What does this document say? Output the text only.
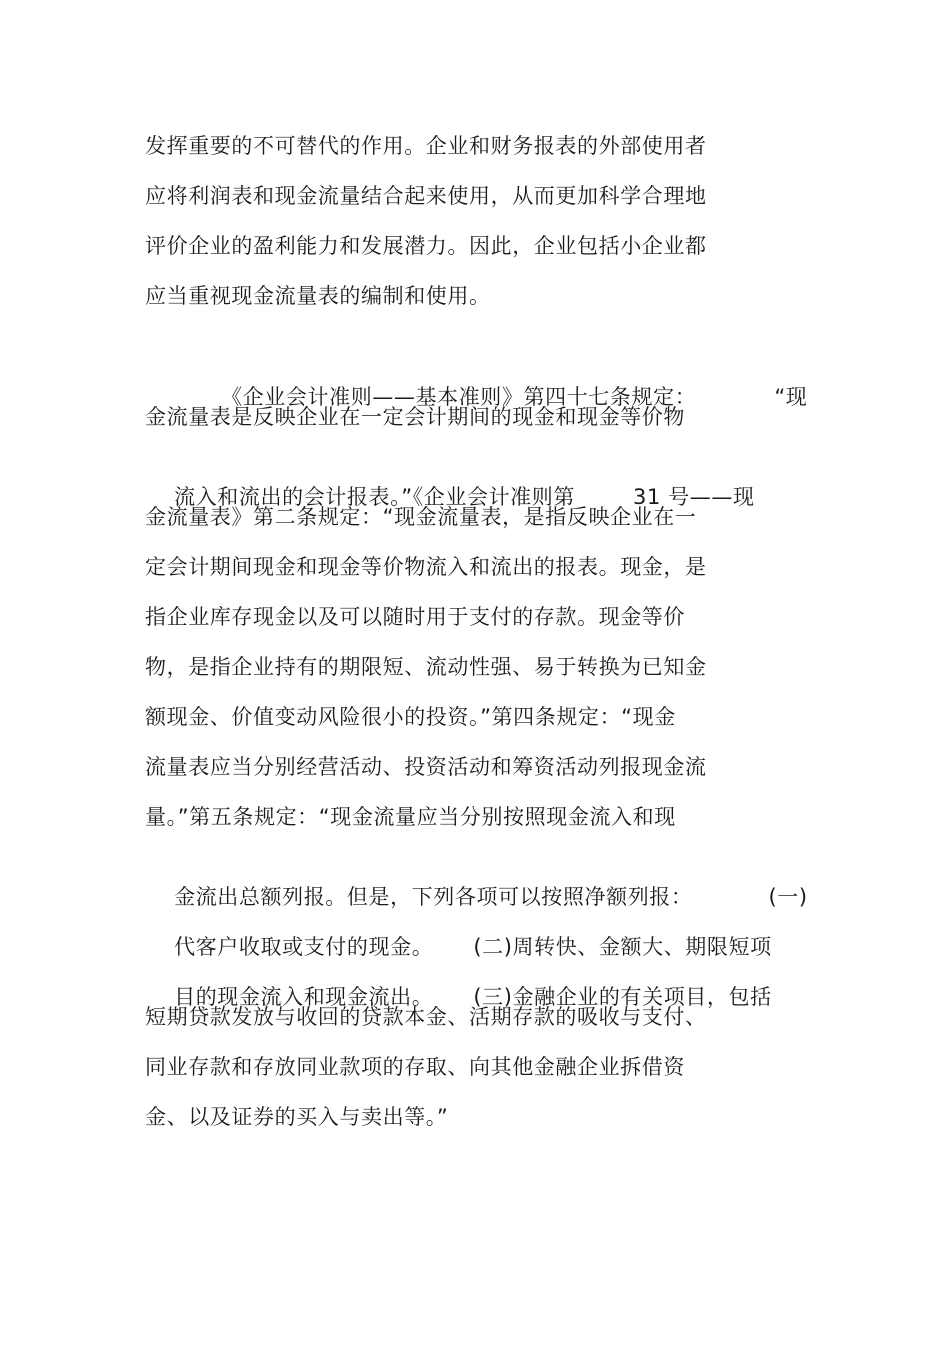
发挥重要的不可替代的作用。企业和财务报表的外部使用者
应将利润表和现金流量结合起来使用，从而更加科学合理地
评价企业的盈利能力和发展潜力。因此，企业包括小企业都
应当重视现金流量表的编制和使用。

《企业会计准则——基本准则》第四十七条规定：	“现

金流量表是反映企业在一定会计期间的现金和现金等价物

流入和流出的会计报表。”《企业会计准则第	31 号——现

金流量表》第二条规定：“现金流量表，是指反映企业在一
定会计期间现金和现金等价物流入和流出的报表。现金，是
指企业库存现金以及可以随时用于支付的存款。现金等价
物，是指企业持有的期限短、流动性强、易于转换为已知金
额现金、价值变动风险很小的投资。”第四条规定：“现金
流量表应当分别经营活动、投资活动和筹资活动列报现金流
量。”第五条规定：“现金流量应当分别按照现金流入和现

金流出总额列报。但是，下列各项可以按照净额列报：	(一)

代客户收取或支付的现金。 (二)周转快、金额大、期限短项

目的现金流入和现金流出。 (三)金融企业的有关项目，包括

短期贷款发放与收回的贷款本金、活期存款的吸收与支付、
同业存款和存放同业款项的存取、向其他金融企业拆借资
金、以及证券的买入与卖出等。”
